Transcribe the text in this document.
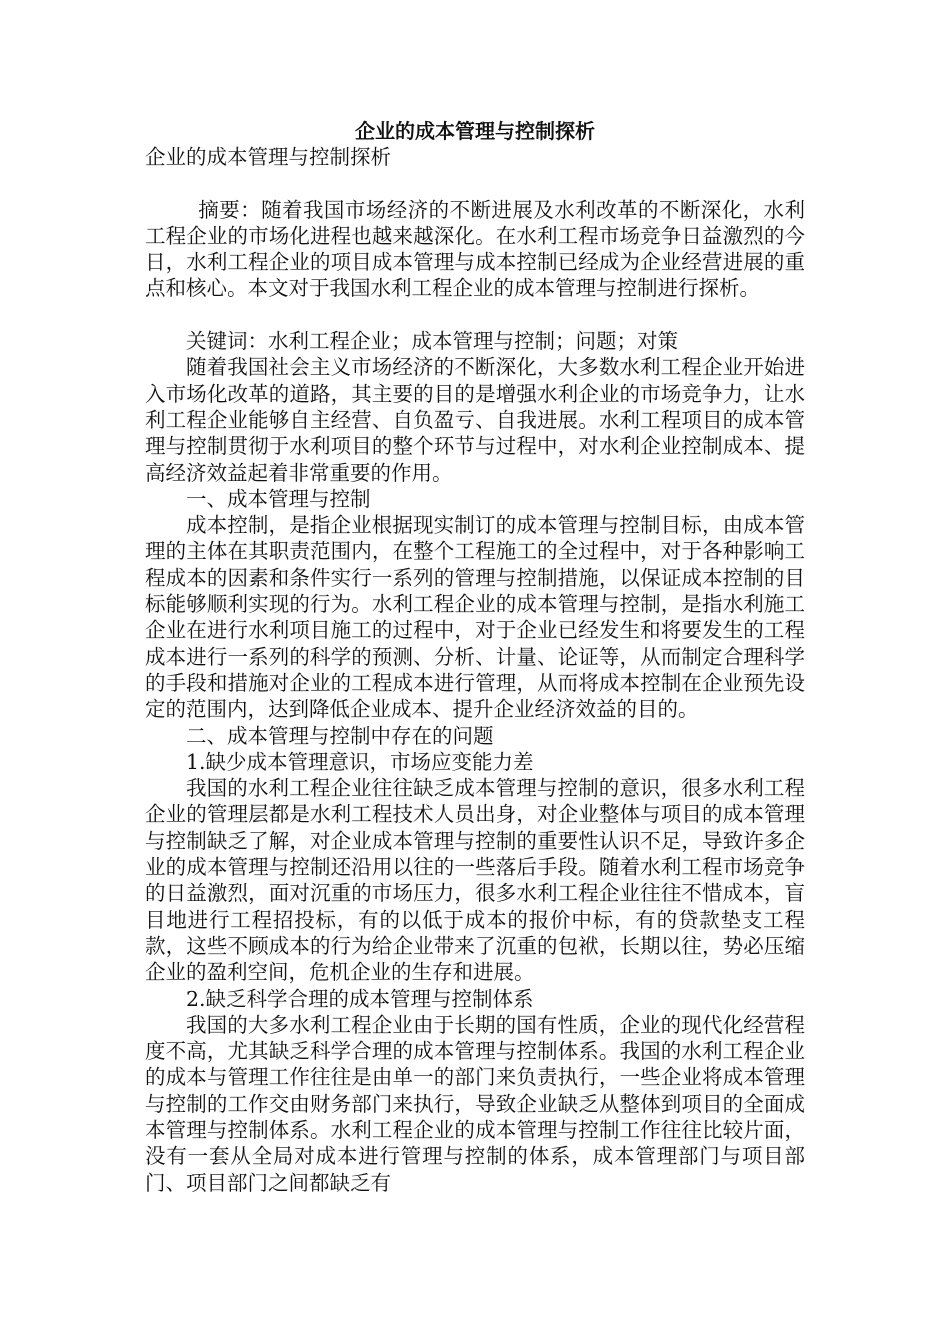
企业的成本管理与控制探析

企业的成本管理与控制探析

摘要：随着我国市场经济的不断进展及水利改革的不断深化，水利工程企业的市场化进程也越来越深化。在水利工程市场竞争日益激烈的今日，水利工程企业的项目成本管理与成本控制已经成为企业经营进展的重点和核心。本文对于我国水利工程企业的成本管理与控制进行探析。

关键词：水利工程企业；成本管理与控制；问题；对策

随着我国社会主义市场经济的不断深化，大多数水利工程企业开始进入市场化改革的道路，其主要的目的是增强水利企业的市场竞争力，让水利工程企业能够自主经营、自负盈亏、自我进展。水利工程项目的成本管理与控制贯彻于水利项目的整个环节与过程中，对水利企业控制成本、提高经济效益起着非常重要的作用。

一、成本管理与控制

成本控制，是指企业根据现实制订的成本管理与控制目标，由成本管理的主体在其职责范围内，在整个工程施工的全过程中，对于各种影响工程成本的因素和条件实行一系列的管理与控制措施，以保证成本控制的目标能够顺利实现的行为。水利工程企业的成本管理与控制，是指水利施工企业在进行水利项目施工的过程中，对于企业已经发生和将要发生的工程成本进行一系列的科学的预测、分析、计量、论证等，从而制定合理科学的手段和措施对企业的工程成本进行管理，从而将成本控制在企业预先设定的范围内，达到降低企业成本、提升企业经济效益的目的。

二、成本管理与控制中存在的问题

1.缺少成本管理意识，市场应变能力差

我国的水利工程企业往往缺乏成本管理与控制的意识，很多水利工程企业的管理层都是水利工程技术人员出身，对企业整体与项目的成本管理与控制缺乏了解，对企业成本管理与控制的重要性认识不足，导致许多企业的成本管理与控制还沿用以往的一些落后手段。随着水利工程市场竞争的日益激烈，面对沉重的市场压力，很多水利工程企业往往不惜成本，盲目地进行工程招投标，有的以低于成本的报价中标，有的贷款垫支工程款，这些不顾成本的行为给企业带来了沉重的包袱，长期以往，势必压缩企业的盈利空间，危机企业的生存和进展。

2.缺乏科学合理的成本管理与控制体系

我国的大多水利工程企业由于长期的国有性质，企业的现代化经营程度不高，尤其缺乏科学合理的成本管理与控制体系。我国的水利工程企业的成本与管理工作往往是由单一的部门来负责执行，一些企业将成本管理与控制的工作交由财务部门来执行，导致企业缺乏从整体到项目的全面成本管理与控制体系。水利工程企业的成本管理与控制工作往往比较片面，没有一套从全局对成本进行管理与控制的体系，成本管理部门与项目部门、项目部门之间都缺乏有
